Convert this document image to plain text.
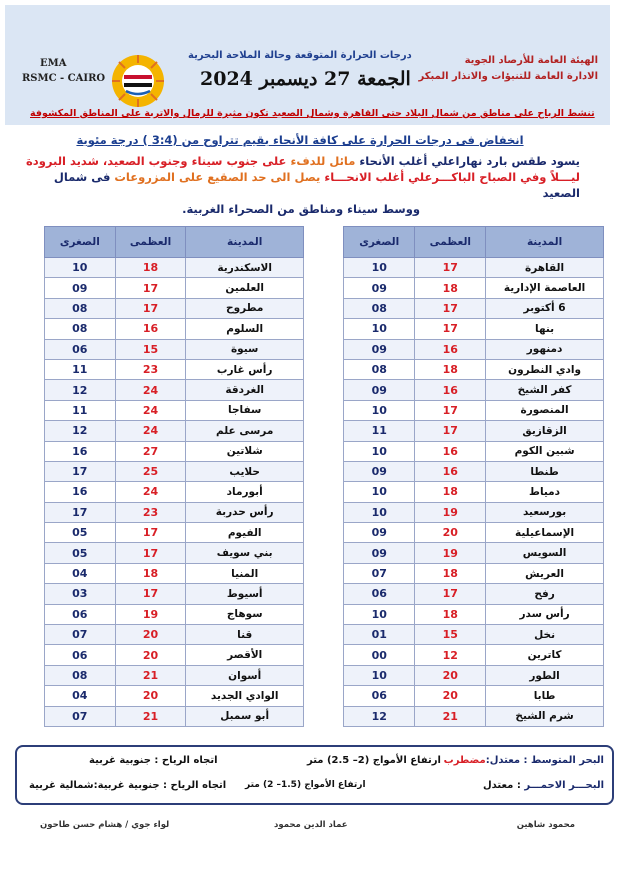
الهيئة العامة للأرصاد الجوية
الادارة العامة للتنبؤات والانذار المبكر
EMA
RSMC - CAIRO
درجات الحرارة المتوقعة وحالة الملاحة البحرية
الجمعة 27 ديسمبر 2024
تنشط الرياح على مناطق من شمال البلاد حتى القاهرة وشمال الصعيد تكون مثيرة للرمال والاتربة على المناطق المكشوفة
انخفاض فى درجات الحرارة على كافة الأنحاء بقيم تتراوح من (3:4 ) درجة مئوية
يسود طقس بارد نهاراعلي أغلب الأنحاء مائل للدفء على جنوب سيناء وجنوب الصعيد، شديد البرودة
ليـــلاً وفي الصباح الباكـــرعلي أغلب الانحـــاء يصل الى حد الصقيع على المزروعات فى شمال الصعيد
ووسط سيناء ومناطق من الصحراء الغربية.
المدينة	العظمى	الصغرى
القاهرة	17	10
العاصمة الإدارية	18	09
6 أكتوبر	17	08
بنها	17	10
دمنهور	16	09
وادي النطرون	18	08
كفر الشيخ	16	09
المنصورة	17	10
الزقازيق	17	11
شبين الكوم	16	10
طنطا	16	09
دمياط	18	10
بورسعيد	19	10
الإسماعيلية	20	09
السويس	19	09
العريش	18	07
رفح	17	06
رأس سدر	18	10
نخل	15	01
كاترين	12	00
الطور	20	10
طابا	20	06
شرم الشيخ	21	12
المدينة	العظمى	الصغرى
الاسكندرية	18	10
العلمين	17	09
مطروح	17	08
السلوم	16	08
سيوة	15	06
رأس غارب	23	11
الغردقة	24	12
سفاجا	24	11
مرسى علم	24	12
شلاتين	27	16
حلايب	25	17
أبورماد	24	16
رأس حدربة	23	17
الفيوم	17	05
بني سويف	17	05
المنيا	18	04
أسيوط	17	03
سوهاج	19	06
قنا	20	07
الأقصر	20	06
أسوان	21	08
الوادي الجديد	20	04
أبو سمبل	21	07
البحر المتوسط : معتدل:مضطرب
ارتفاع الأمواج (2– 2.5) متر
اتجاه الرياح : جنوبية غربية
البحـــر الاحمـــر : معتدل
ارتفاع الأمواج (1.5– 2) متر
اتجاه الرياح : جنوبية غربية:شمالية غربية
محمود شاهين
عماد الدين محمود
لواء جوي / هشام حسن طاحون
